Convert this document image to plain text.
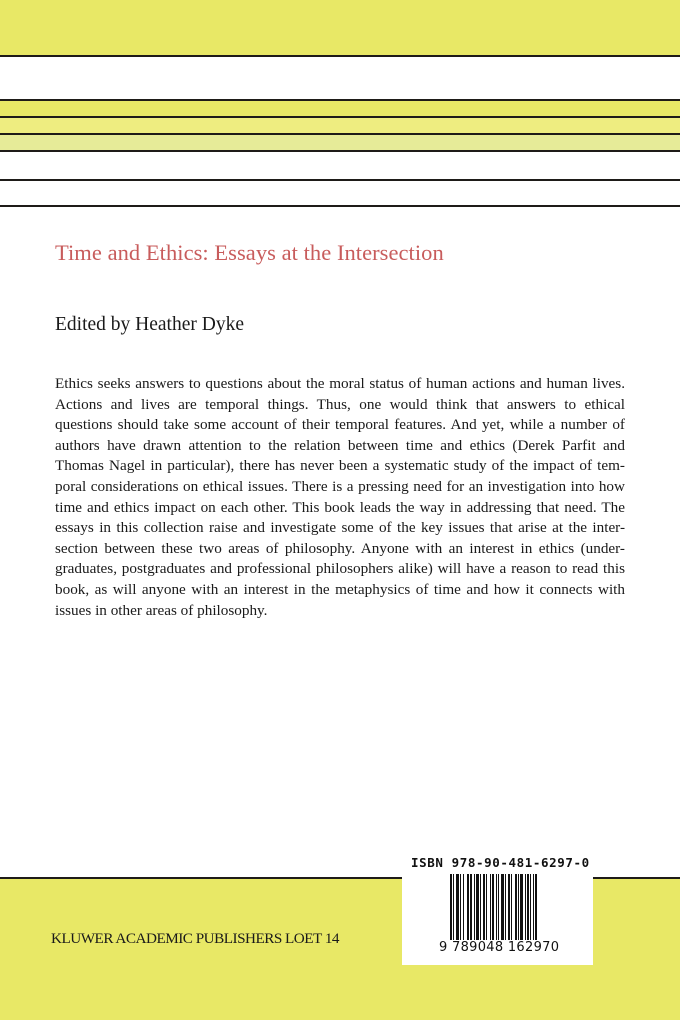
Time and Ethics: Essays at the Intersection
Edited by Heather Dyke
Ethics seeks answers to questions about the moral status of human actions and human lives.
Actions and lives are temporal things. Thus, one would think that answers to ethical
questions should take some account of their temporal features. And yet, while a number of
authors have drawn attention to the relation between time and ethics (Derek Parfit and
Thomas Nagel in particular), there has never been a systematic study of the impact of tem-
poral considerations on ethical issues. There is a pressing need for an investigation into how
time and ethics impact on each other. This book leads the way in addressing that need. The
essays in this collection raise and investigate some of the key issues that arise at the inter-
section between these two areas of philosophy. Anyone with an interest in ethics (under-
graduates, postgraduates and professional philosophers alike) will have a reason to read this
book, as will anyone with an interest in the metaphysics of time and how it connects with
issues in other areas of philosophy.
KLUWER ACADEMIC PUBLISHERS LOET 14
ISBN 978-90-481-6297-0
9 789048 162970
